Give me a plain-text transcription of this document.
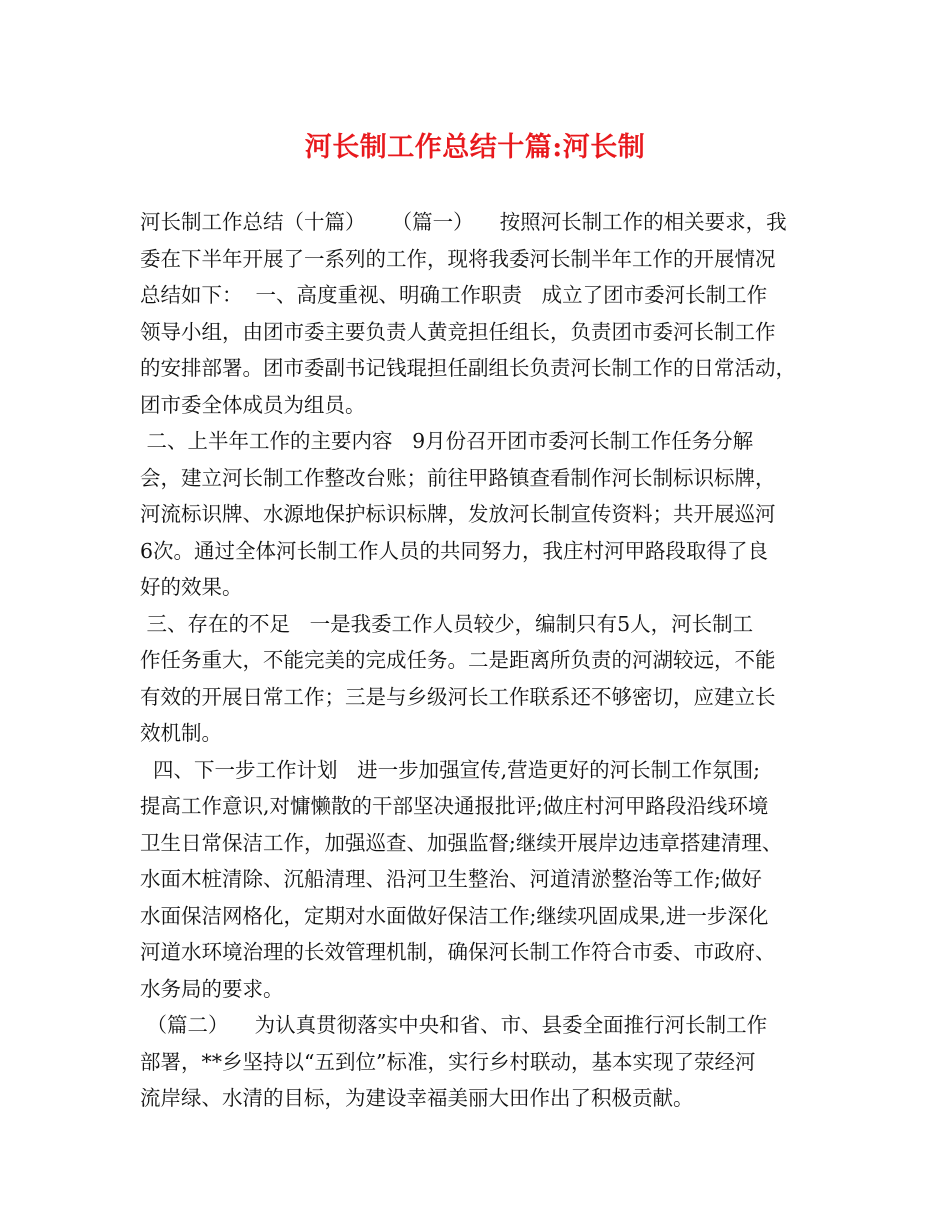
河长制工作总结十篇:河长制
河长制工作总结（十篇）    （篇一）    按照河长制工作的相关要求，我
委在下半年开展了一系列的工作，现将我委河长制半年工作的开展情况
总结如下：  一、高度重视、明确工作职责   成立了团市委河长制工作
领导小组，由团市委主要负责人黄竞担任组长，负责团市委河长制工作
的安排部署。团市委副书记钱琨担任副组长负责河长制工作的日常活动，
团市委全体成员为组员。
二、上半年工作的主要内容   9月份召开团市委河长制工作任务分解
会，建立河长制工作整改台账；前往甲路镇查看制作河长制标识标牌，
河流标识牌、水源地保护标识标牌，发放河长制宣传资料；共开展巡河
6次。通过全体河长制工作人员的共同努力，我庄村河甲路段取得了良
好的效果。
三、存在的不足   一是我委工作人员较少，编制只有5人，河长制工
作任务重大，不能完美的完成任务。二是距离所负责的河湖较远，不能
有效的开展日常工作；三是与乡级河长工作联系还不够密切，应建立长
效机制。
四、下一步工作计划   进一步加强宣传,营造更好的河长制工作氛围;
提高工作意识,对慵懒散的干部坚决通报批评;做庄村河甲路段沿线环境
卫生日常保洁工作，加强巡查、加强监督;继续开展岸边违章搭建清理、
水面木桩清除、沉船清理、沿河卫生整治、河道清淤整治等工作;做好
水面保洁网格化，定期对水面做好保洁工作;继续巩固成果,进一步深化
河道水环境治理的长效管理机制，确保河长制工作符合市委、市政府、
水务局的要求。
（篇二）    为认真贯彻落实中央和省、市、县委全面推行河长制工作
部署，**乡坚持以“五到位”标准，实行乡村联动，基本实现了荥经河
流岸绿、水清的目标，为建设幸福美丽大田作出了积极贡献。
